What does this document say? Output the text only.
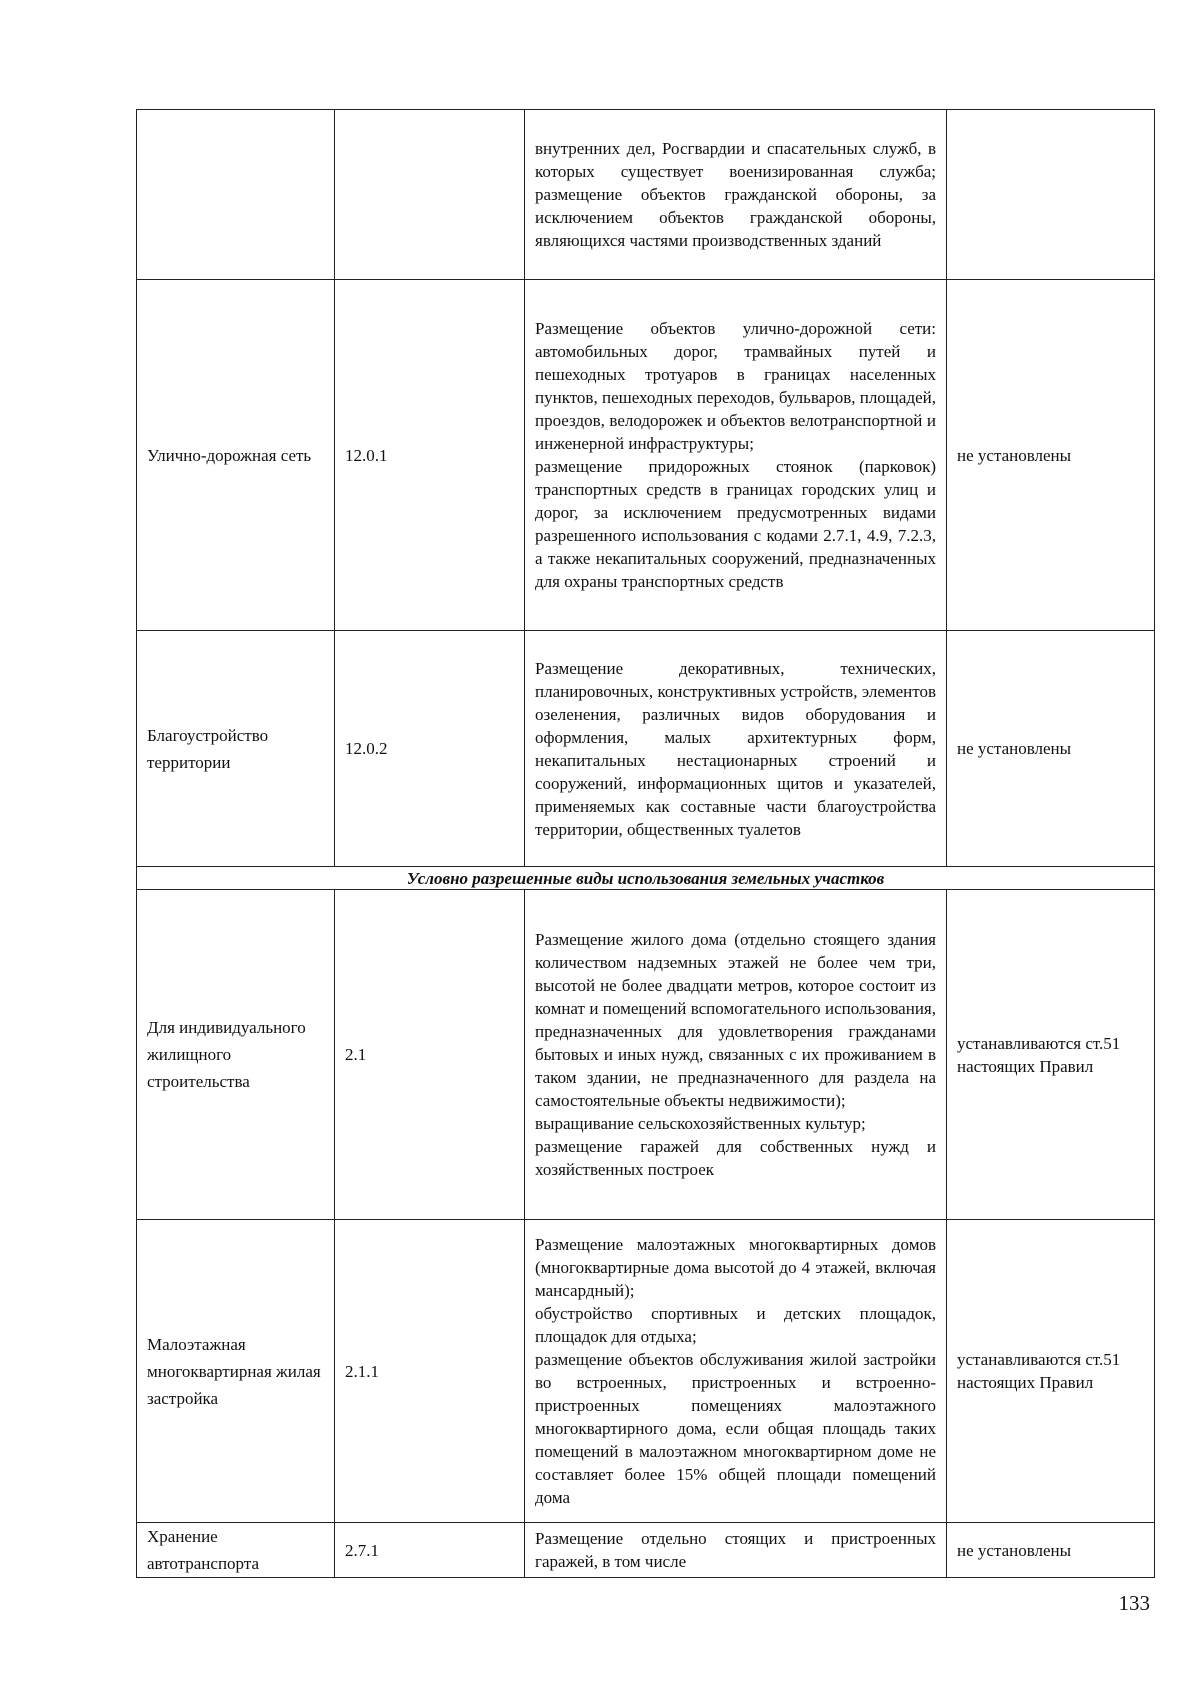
		внутренних дел, Росгвардии и спасательных служб, в которых существует военизированная служба; размещение объектов гражданской обороны, за исключением объектов гражданской обороны, являющихся частями производственных зданий	

Улично-дорожная сеть	12.0.1	Размещение объектов улично-дорожной сети: автомобильных дорог, трамвайных путей и пешеходных тротуаров в границах населенных пунктов, пешеходных переходов, бульваров, площадей, проездов, велодорожек и объектов велотранспортной и инженерной инфраструктуры;
размещение придорожных стоянок (парковок) транспортных средств в границах городских улиц и дорог, за исключением предусмотренных видами разрешенного использования с кодами 2.7.1, 4.9, 7.2.3, а также некапитальных сооружений, предназначенных для охраны транспортных средств	не установлены
Благоустройство территории	12.0.2	Размещение декоративных, технических, планировочных, конструктивных устройств, элементов озеленения, различных видов оборудования и оформления, малых архитектурных форм, некапитальных нестационарных строений и сооружений, информационных щитов и указателей, применяемых как составные части благоустройства территории, общественных туалетов	не установлены
Условно разрешенные виды использования земельных участков			
Для индивидуального жилищного строительства	2.1	Размещение жилого дома (отдельно стоящего здания количеством надземных этажей не более чем три, высотой не более двадцати метров, которое состоит из комнат и помещений вспомогательного использования, предназначенных для удовлетворения гражданами бытовых и иных нужд, связанных с их проживанием в таком здании, не предназначенного для раздела на самостоятельные объекты недвижимости);
выращивание сельскохозяйственных культур;
размещение гаражей для собственных нужд и хозяйственных построек	устанавливаются ст.51 настоящих Правил
Малоэтажная многоквартирная жилая застройка	2.1.1	Размещение малоэтажных многоквартирных домов (многоквартирные дома высотой до 4 этажей, включая мансардный);
обустройство спортивных и детских площадок, площадок для отдыха;
размещение объектов обслуживания жилой застройки во встроенных, пристроенных и встроенно-пристроенных помещениях малоэтажного многоквартирного дома, если общая площадь таких помещений в малоэтажном многоквартирном доме не составляет более 15% общей площади помещений дома	устанавливаются ст.51 настоящих Правил
Хранение автотранспорта	2.7.1	Размещение отдельно стоящих и пристроенных гаражей, в том числе	не установлены
133
